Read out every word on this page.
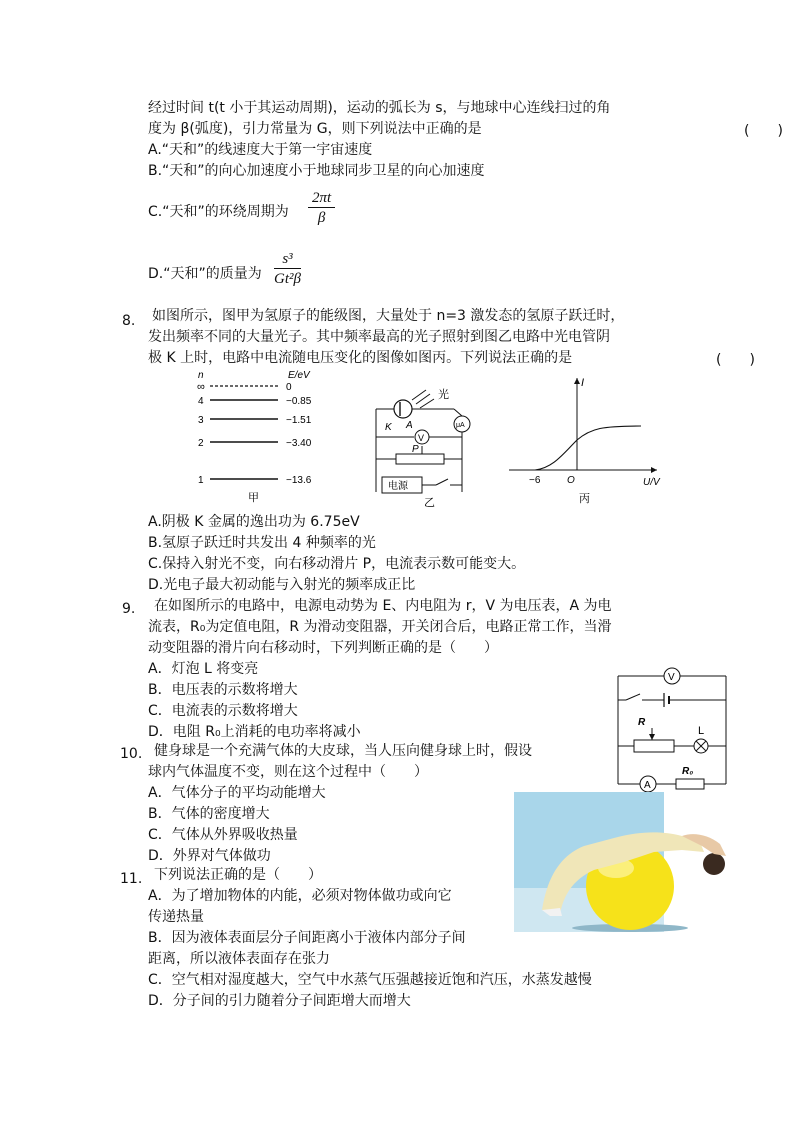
经过时间 t(t 小于其运动周期)，运动的弧长为 s，与地球中心连线扫过的角
度为 β(弧度)，引力常量为 G，则下列说法中正确的是	(　　)
A.“天和”的线速度大于第一宇宙速度
B.“天和”的向心加速度小于地球同步卫星的向心加速度
C.“天和”的环绕周期为 $\frac{2\pi t}{\beta}$
D.“天和”的质量为 $\frac{\text{s³}}{\text{Gt²β}}$
8. 如图所示，图甲为氢原子的能级图，大量处于 n=3 激发态的氢原子跃迁时，
发出频率不同的大量光子。其中频率最高的光子照射到图乙电路中光电管阴
极 K 上时，电路中电流随电压变化的图像如图丙。下列说法正确的是	(　　)
n	E/eV
∞	0
4	−0.85
3	−1.51
2	−3.40
1	−13.6
甲
光
μA
V
K A
P
电源
乙
I
U/V
O
−6
丙
A.阴极 K 金属的逸出功为 6.75eV
B.氢原子跃迁时共发出 4 种频率的光
C.保持入射光不变，向右移动滑片 P，电流表示数可能变大。
D.光电子最大初动能与入射光的频率成正比
9. 在如图所示的电路中，电源电动势为 E、内电阻为 r，V 为电压表，A 为电
流表，R₀为定值电阻，R 为滑动变阻器，开关闭合后，电路正常工作，当滑
动变阻器的滑片向右移动时，下列判断正确的是（　　）
A．灯泡 L 将变亮
B．电压表的示数将增大
C．电流表的示数将增大
D．电阻 R₀上消耗的电功率将减小
V
R
L
A
R₀
10. 健身球是一个充满气体的大皮球，当人压向健身球上时，假设
球内气体温度不变，则在这个过程中（　　）
A．气体分子的平均动能增大
B．气体的密度增大
C．气体从外界吸收热量
D．外界对气体做功
11. 下列说法正确的是（　　）
A．为了增加物体的内能，必须对物体做功或向它
传递热量
B．因为液体表面层分子间距离小于液体内部分子间
距离，所以液体表面存在张力
C．空气相对湿度越大，空气中水蒸气压强越接近饱和汽压，水蒸发越慢
D．分子间的引力随着分子间距增大而增大
